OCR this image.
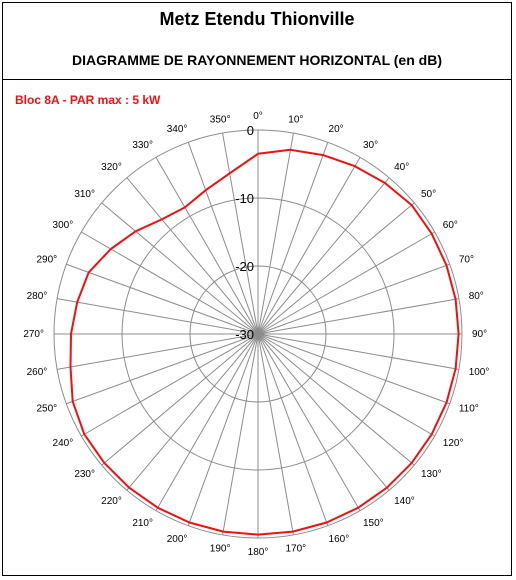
Metz Etendu Thionville
DIAGRAMME DE RAYONNEMENT HORIZONTAL (en dB)
Bloc 8A - PAR max : 5 kW
0°	10°
20°
30°
40°
50°
60°
70°
80°
90°
100°
110°
120°
130°
140°
150°
160°
170°
180°
190°
200°
210°
220°
230°
240°
250°
260°
270°
280°
290°
300°
310°
320°
330°
340°
350°
0
-10
-20
-30
